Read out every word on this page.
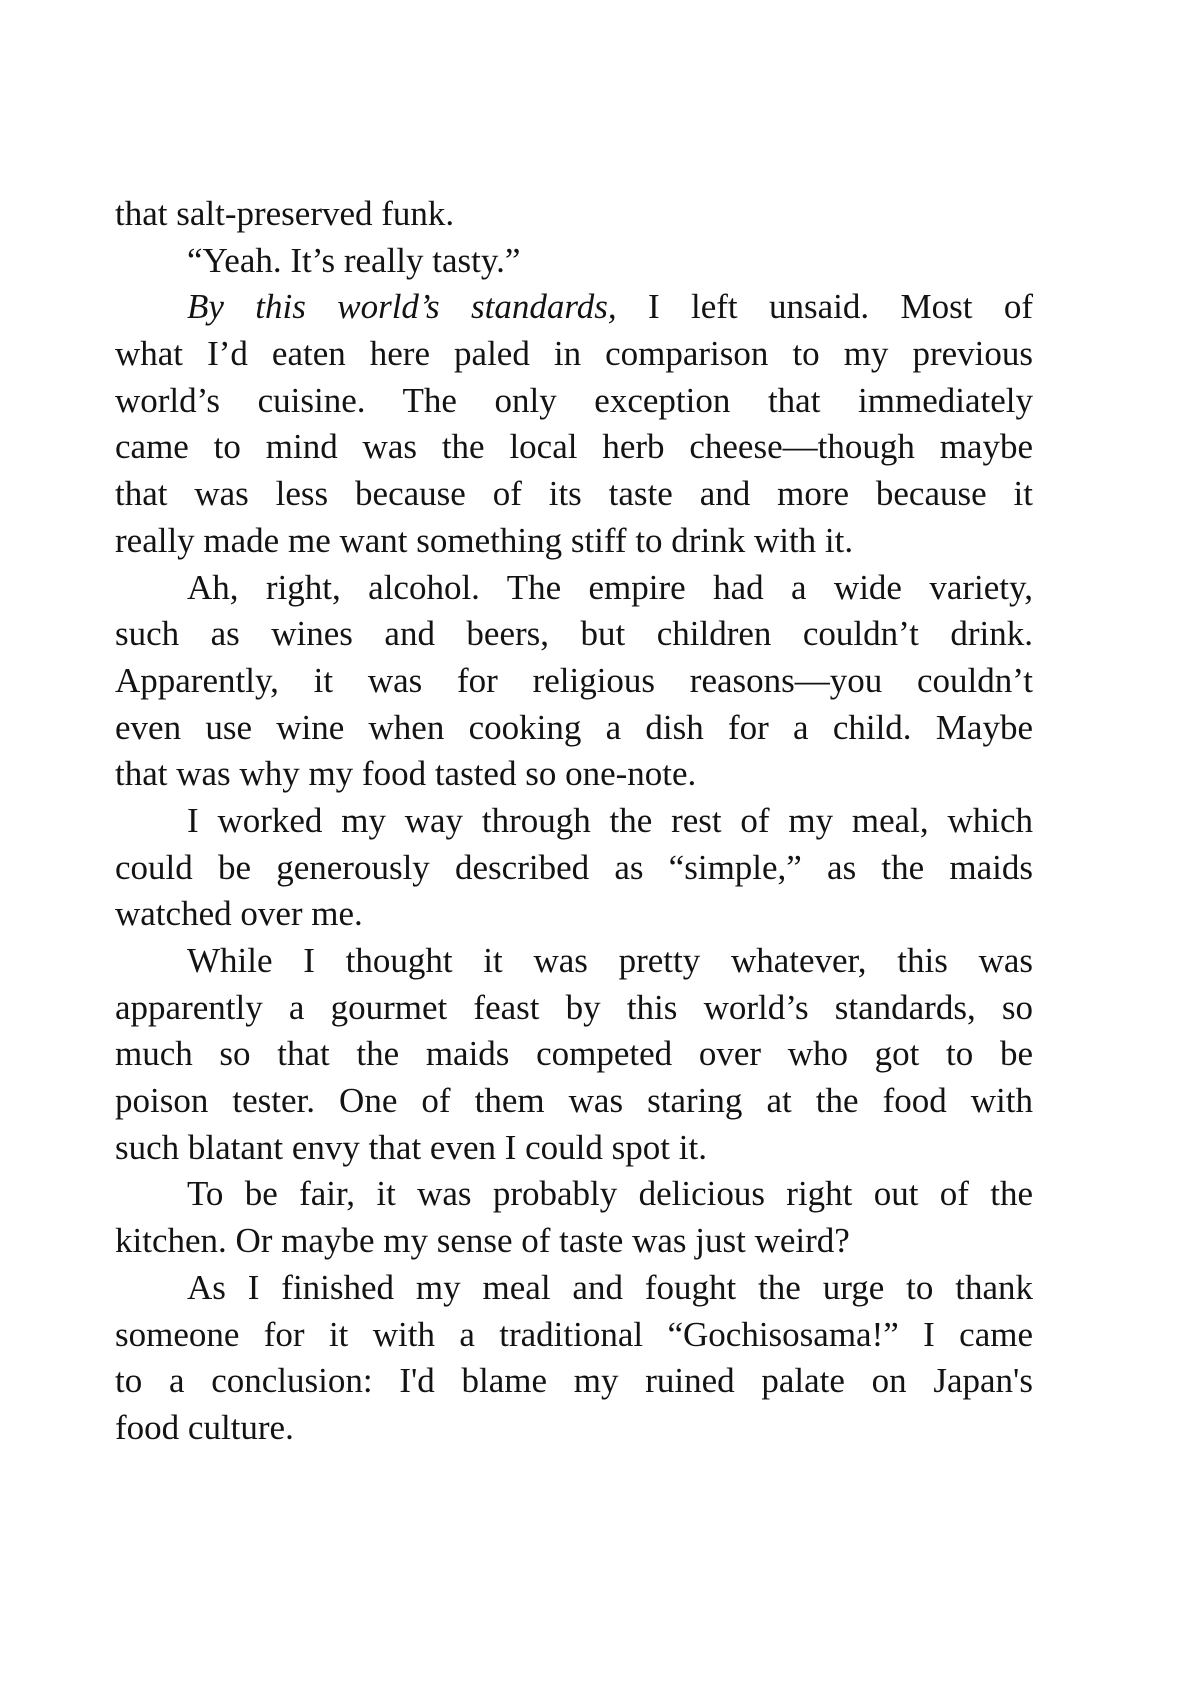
that salt-preserved funk.
“Yeah. It’s really tasty.”
By this world’s standards, I left unsaid. Most of
what I’d eaten here paled in comparison to my previous
world’s cuisine. The only exception that immediately
came to mind was the local herb cheese—though maybe
that was less because of its taste and more because it
really made me want something stiff to drink with it.
Ah, right, alcohol. The empire had a wide variety,
such as wines and beers, but children couldn’t drink.
Apparently, it was for religious reasons—you couldn’t
even use wine when cooking a dish for a child. Maybe
that was why my food tasted so one-note.
I worked my way through the rest of my meal, which
could be generously described as “simple,” as the maids
watched over me.
While I thought it was pretty whatever, this was
apparently a gourmet feast by this world’s standards, so
much so that the maids competed over who got to be
poison tester. One of them was staring at the food with
such blatant envy that even I could spot it.
To be fair, it was probably delicious right out of the
kitchen. Or maybe my sense of taste was just weird?
As I finished my meal and fought the urge to thank
someone for it with a traditional “Gochisosama!” I came
to a conclusion: I'd blame my ruined palate on Japan's
food culture.
